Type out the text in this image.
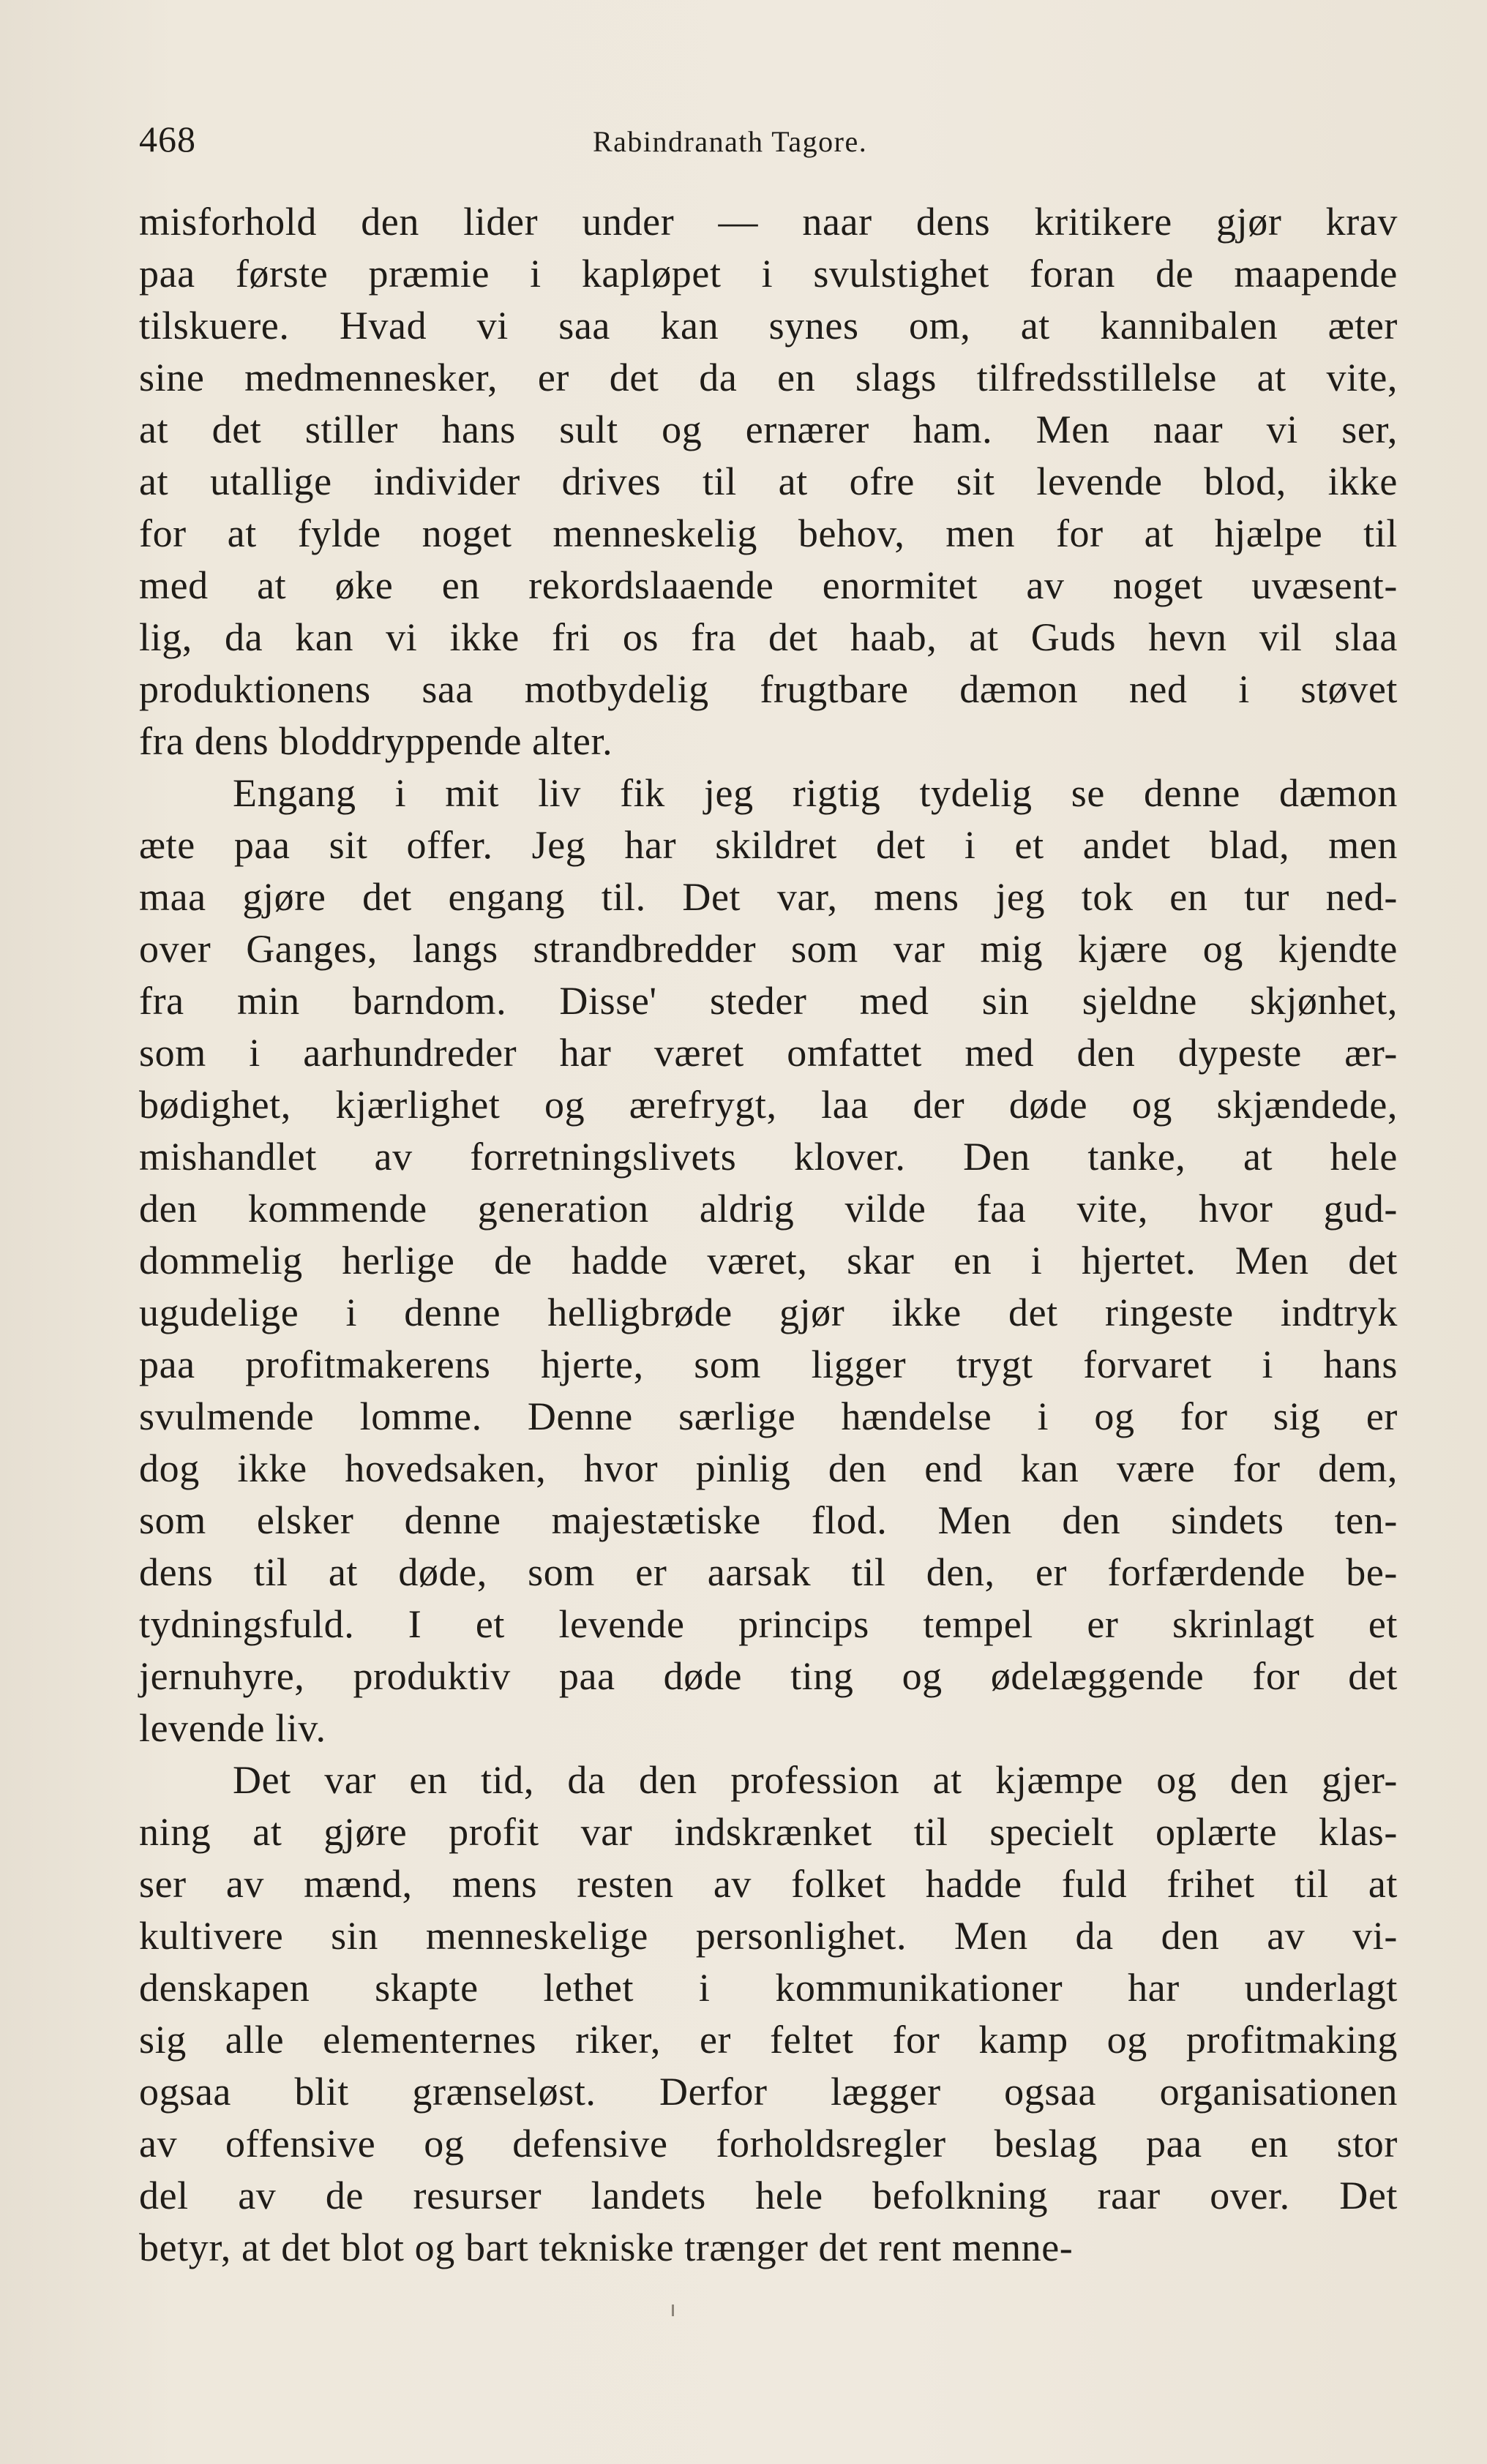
468	Rabindranath Tagore.
misforhold den lider under — naar dens kritikere gjør krav
paa første præmie i kapløpet i svulstighet foran de maapende
tilskuere. Hvad vi saa kan synes om, at kannibalen æter
sine medmennesker, er det da en slags tilfredsstillelse at vite,
at det stiller hans sult og ernærer ham. Men naar vi ser,
at utallige individer drives til at ofre sit levende blod, ikke
for at fylde noget menneskelig behov, men for at hjælpe til
med at øke en rekordslaaende enormitet av noget uvæsent-
lig, da kan vi ikke fri os fra det haab, at Guds hevn vil slaa
produktionens saa motbydelig frugtbare dæmon ned i støvet
fra dens bloddryppende alter.
Engang i mit liv fik jeg rigtig tydelig se denne dæmon
æte paa sit offer. Jeg har skildret det i et andet blad, men
maa gjøre det engang til. Det var, mens jeg tok en tur ned-
over Ganges, langs strandbredder som var mig kjære og kjendte
fra min barndom. Disse' steder med sin sjeldne skjønhet,
som i aarhundreder har været omfattet med den dypeste ær-
bødighet, kjærlighet og ærefrygt, laa der døde og skjændede,
mishandlet av forretningslivets klover. Den tanke, at hele
den kommende generation aldrig vilde faa vite, hvor gud-
dommelig herlige de hadde været, skar en i hjertet. Men det
ugudelige i denne helligbrøde gjør ikke det ringeste indtryk
paa profitmakerens hjerte, som ligger trygt forvaret i hans
svulmende lomme. Denne særlige hændelse i og for sig er
dog ikke hovedsaken, hvor pinlig den end kan være for dem,
som elsker denne majestætiske flod. Men den sindets ten-
dens til at døde, som er aarsak til den, er forfærdende be-
tydningsfuld. I et levende princips tempel er skrinlagt et
jernuhyre, produktiv paa døde ting og ødelæggende for det
levende liv.
Det var en tid, da den profession at kjæmpe og den gjer-
ning at gjøre profit var indskrænket til specielt oplærte klas-
ser av mænd, mens resten av folket hadde fuld frihet til at
kultivere sin menneskelige personlighet. Men da den av vi-
denskapen skapte lethet i kommunikationer har underlagt
sig alle elementernes riker, er feltet for kamp og profitmaking
ogsaa blit grænseløst. Derfor lægger ogsaa organisationen
av offensive og defensive forholdsregler beslag paa en stor
del av de resurser landets hele befolkning raar over. Det
betyr, at det blot og bart tekniske trænger det rent menne-
